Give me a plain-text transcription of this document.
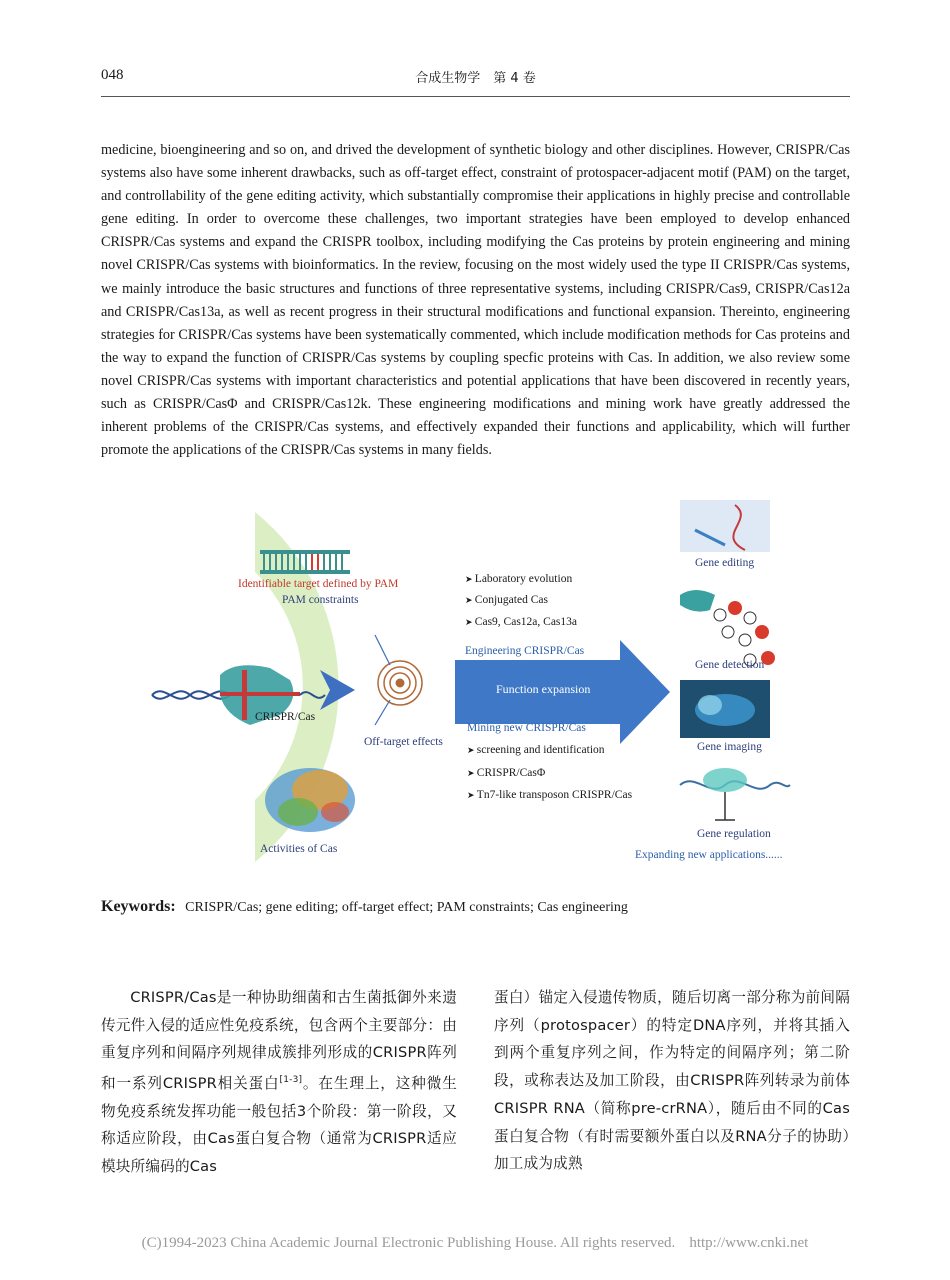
048	合成生物学　第 4 卷

medicine, bioengineering and so on, and drived the development of synthetic biology and other disciplines. However, CRISPR/Cas systems also have some inherent drawbacks, such as off-target effect, constraint of protospacer-adjacent motif (PAM) on the target, and controllability of the gene editing activity, which substantially compromise their applications in highly precise and controllable gene editing. In order to overcome these challenges, two important strategies have been employed to develop enhanced CRISPR/Cas systems and expand the CRISPR toolbox, including modifying the Cas proteins by protein engineering and mining novel CRISPR/Cas systems with bioinformatics. In the review, focusing on the most widely used the type II CRISPR/Cas systems, we mainly introduce the basic structures and functions of three representative systems, including CRISPR/Cas9, CRISPR/Cas12a and CRISPR/Cas13a, as well as recent progress in their structural modifications and functional expansion. Thereinto, engineering strategies for CRISPR/Cas systems have been systematically commented, which include modification methods for Cas proteins and the way to expand the function of CRISPR/Cas systems by coupling specfic proteins with Cas. In addition, we also review some novel CRISPR/Cas systems with important characteristics and potential applications that have been discovered in recently years, such as CRISPR/CasΦ and CRISPR/Cas12k. These engineering modifications and mining work have greatly addressed the inherent problems of the CRISPR/Cas systems, and effectively expanded their functions and applicability, which will further promote the applications of the CRISPR/Cas systems in many fields.

Identifiable target defined by PAM
PAM constraints
CRISPR/Cas
Off-target effects
Activities of Cas
➤ Laboratory evolution
➤ Conjugated Cas
➤ Cas9, Cas12a, Cas13a
Engineering CRISPR/Cas
Function expansion
Mining new CRISPR/Cas
➤ screening and identification
➤ CRISPR/CasΦ
➤ Tn7-like transposon CRISPR/Cas
Gene editing
Gene detection
Gene imaging
Gene regulation
Expanding new applications......
Keywords: CRISPR/Cas; gene editing; off-target effect; PAM constraints; Cas engineering

CRISPR/Cas是一种协助细菌和古生菌抵御外来遗传元件入侵的适应性免疫系统，包含两个主要部分：由重复序列和间隔序列规律成簇排列形成的CRISPR阵列和一系列CRISPR相关蛋白[1-3]。在生理上，这种微生物免疫系统发挥功能一般包括3个阶段：第一阶段，又称适应阶段，由Cas蛋白复合物（通常为CRISPR适应模块所编码的Cas

蛋白）锚定入侵遗传物质，随后切离一部分称为前间隔序列（protospacer）的特定DNA序列，并将其插入到两个重复序列之间，作为特定的间隔序列；第二阶段，或称表达及加工阶段，由CRISPR阵列转录为前体CRISPR RNA（简称pre-crRNA），随后由不同的Cas蛋白复合物（有时需要额外蛋白以及RNA分子的协助）加工成为成熟

(C)1994-2023 China Academic Journal Electronic Publishing House. All rights reserved. http://www.cnki.net
